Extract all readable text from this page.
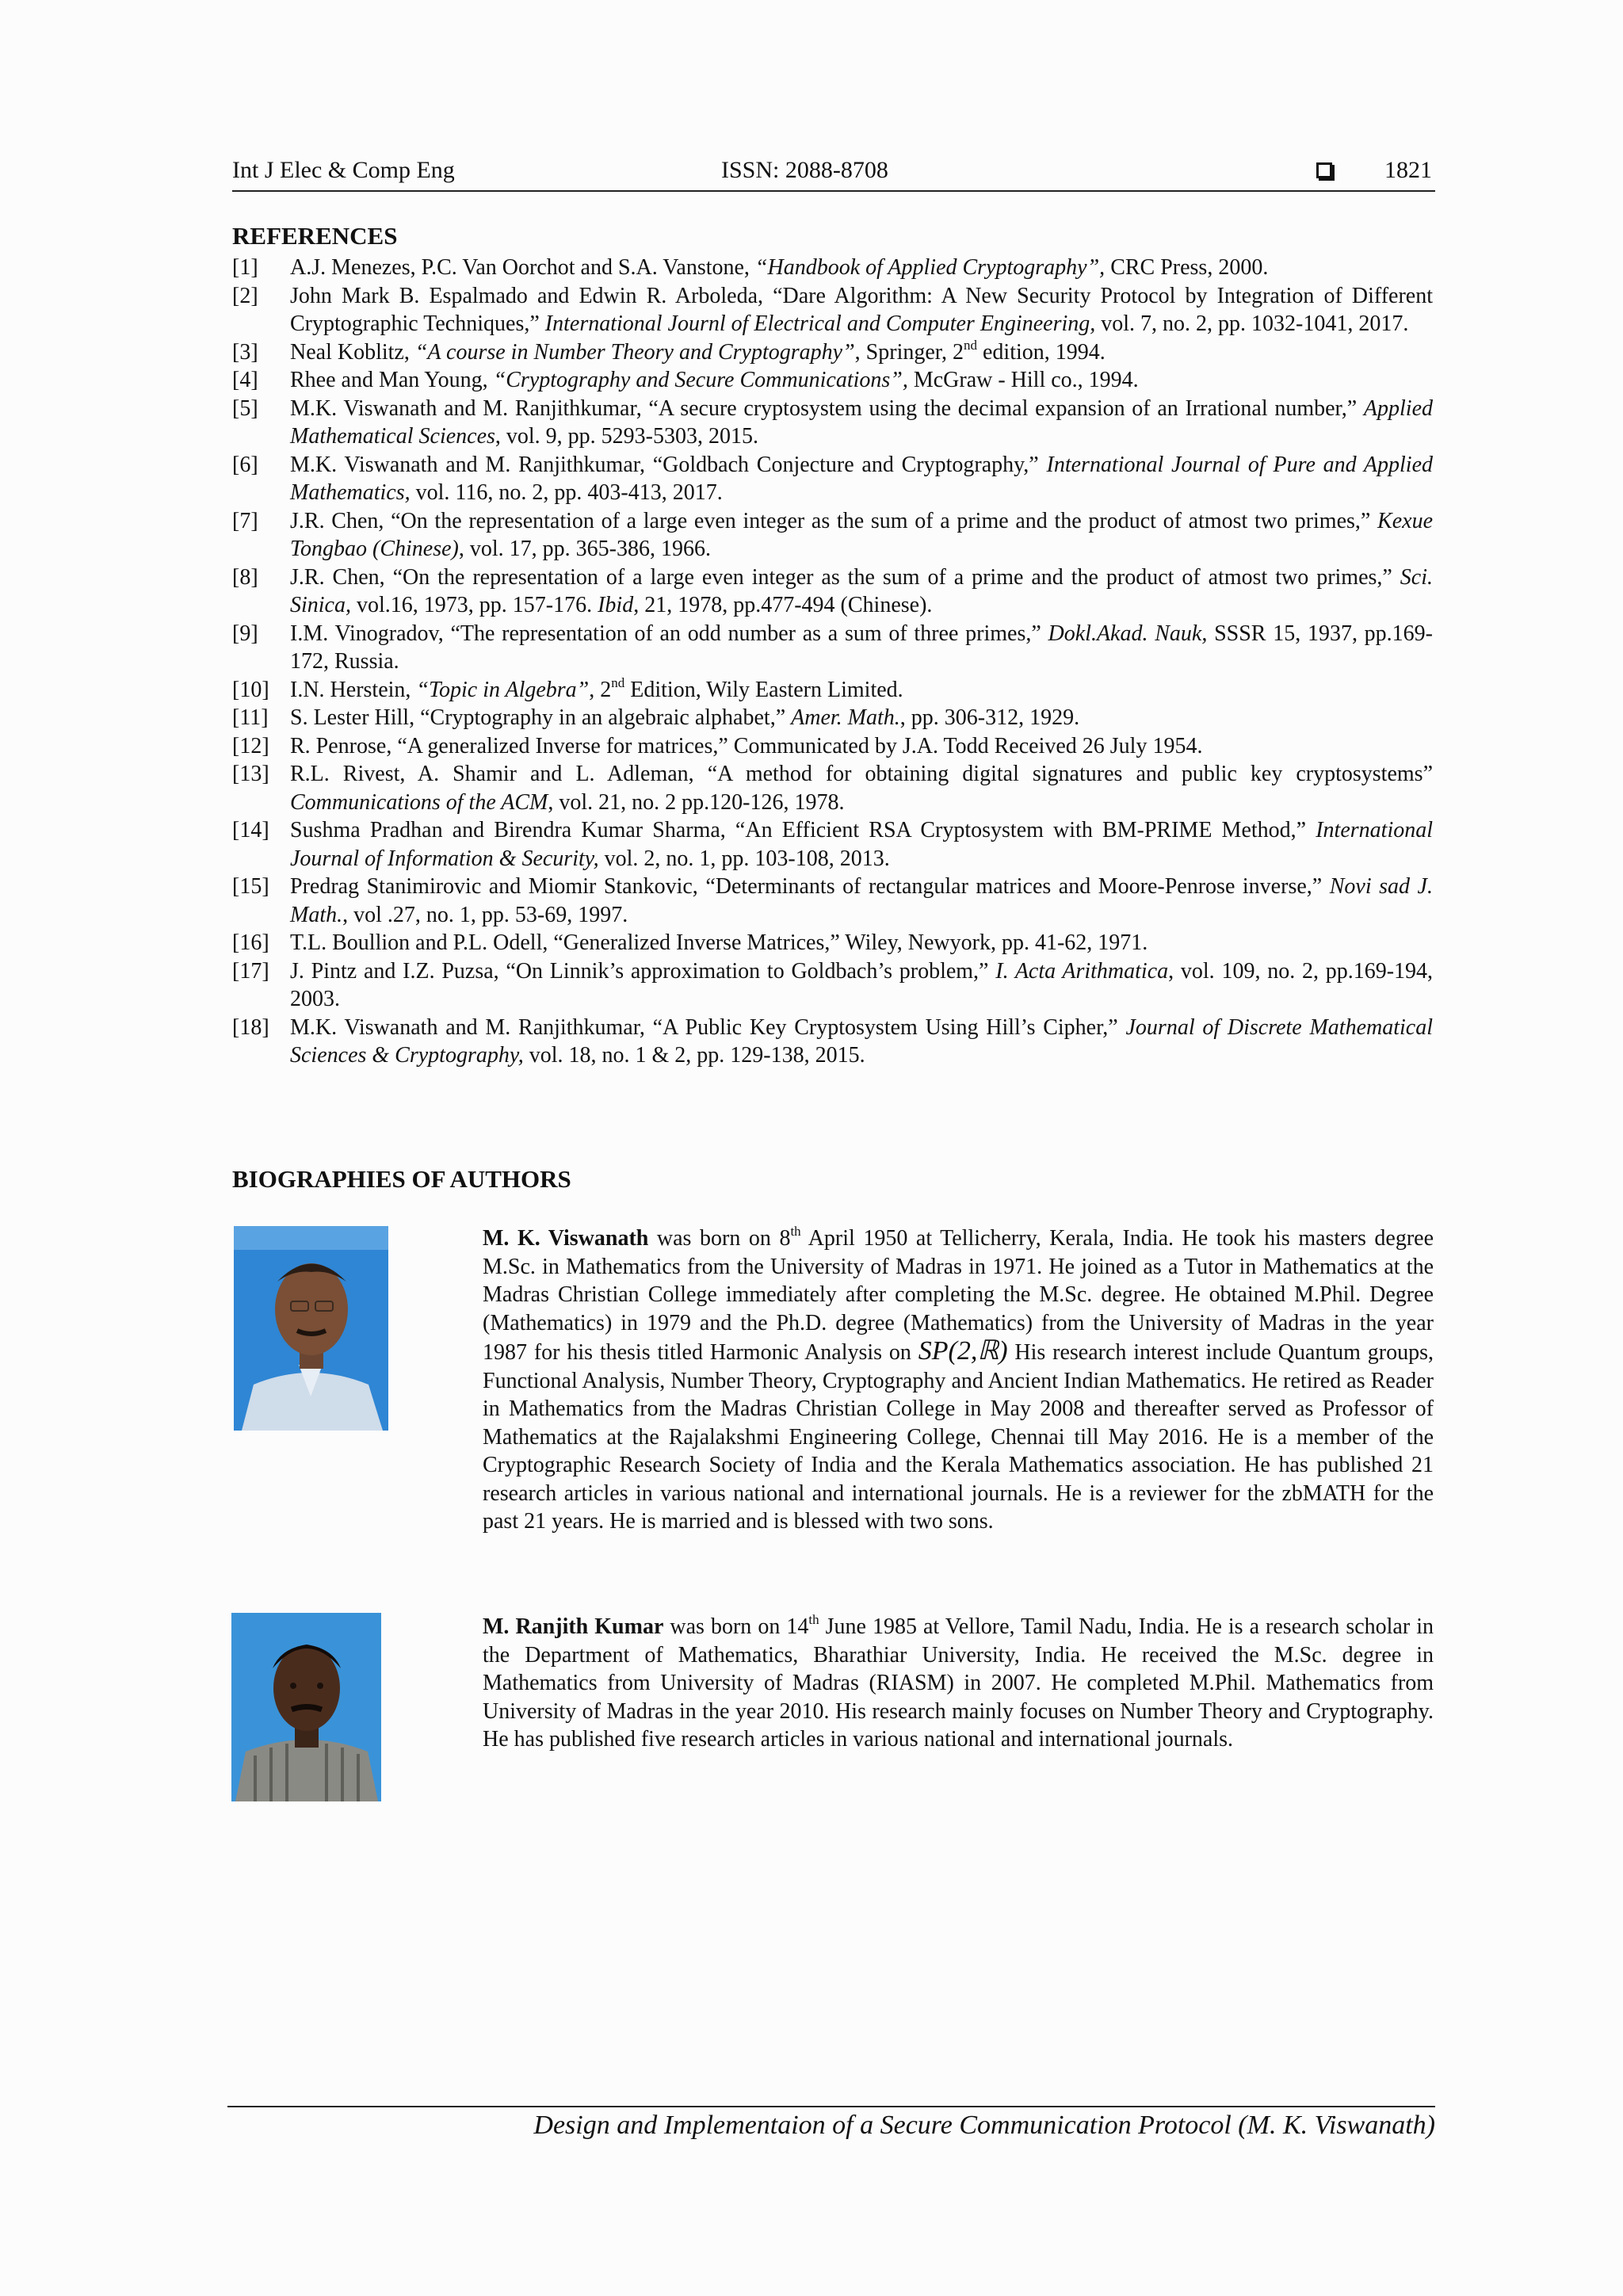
Int J Elec & Comp Eng	ISSN: 2088-8708	1821
REFERENCES
[1]	A.J. Menezes, P.C. Van Oorchot and S.A. Vanstone, “Handbook of Applied Cryptography”, CRC Press, 2000.
[2]	John Mark B. Espalmado and Edwin R. Arboleda, “Dare Algorithm: A New Security Protocol by Integration of Different Cryptographic Techniques,” International Journl of Electrical and Computer Engineering, vol. 7, no. 2, pp. 1032-1041, 2017.
[3]	Neal Koblitz, “A course in Number Theory and Cryptography”, Springer, 2nd edition, 1994.
[4]	Rhee and Man Young, “Cryptography and Secure Communications”, McGraw - Hill co., 1994.
[5]	M.K. Viswanath and M. Ranjithkumar, “A secure cryptosystem using the decimal expansion of an Irrational number,” Applied Mathematical Sciences, vol. 9, pp. 5293-5303, 2015.
[6]	M.K. Viswanath and M. Ranjithkumar, “Goldbach Conjecture and Cryptography,” International Journal of Pure and Applied Mathematics, vol. 116, no. 2, pp. 403-413, 2017.
[7]	J.R. Chen, “On the representation of a large even integer as the sum of a prime and the product of atmost two primes,” Kexue Tongbao (Chinese), vol. 17, pp. 365-386, 1966.
[8]	J.R. Chen, “On the representation of a large even integer as the sum of a prime and the product of atmost two primes,” Sci. Sinica, vol.16, 1973, pp. 157-176. Ibid, 21, 1978, pp.477-494 (Chinese).
[9]	I.M. Vinogradov, “The representation of an odd number as a sum of three primes,” Dokl.Akad. Nauk, SSSR 15, 1937, pp.169-172, Russia.
[10] I.N. Herstein, “Topic in Algebra”, 2nd Edition, Wily Eastern Limited.
[11] S. Lester Hill, “Cryptography in an algebraic alphabet,” Amer. Math., pp. 306-312, 1929.
[12] R. Penrose, “A generalized Inverse for matrices,” Communicated by J.A. Todd Received 26 July 1954.
[13] R.L. Rivest, A. Shamir and L. Adleman, “A method for obtaining digital signatures and public key cryptosystems” Communications of the ACM, vol. 21, no. 2 pp.120-126, 1978.
[14] Sushma Pradhan and Birendra Kumar Sharma, “An Efficient RSA Cryptosystem with BM-PRIME Method,” International Journal of Information & Security, vol. 2, no. 1, pp. 103-108, 2013.
[15] Predrag Stanimirovic and Miomir Stankovic, “Determinants of rectangular matrices and Moore-Penrose inverse,” Novi sad J. Math., vol .27, no. 1, pp. 53-69, 1997.
[16] T.L. Boullion and P.L. Odell, “Generalized Inverse Matrices,” Wiley, Newyork, pp. 41-62, 1971.
[17] J. Pintz and I.Z. Puzsa, “On Linnik’s approximation to Goldbach’s problem,” I. Acta Arithmatica, vol. 109, no. 2, pp.169-194, 2003.
[18] M.K. Viswanath and M. Ranjithkumar, “A Public Key Cryptosystem Using Hill’s Cipher,” Journal of Discrete Mathematical Sciences & Cryptography, vol. 18, no. 1 & 2, pp. 129-138, 2015.
BIOGRAPHIES OF AUTHORS
M. K. Viswanath was born on 8th April 1950 at Tellicherry, Kerala, India. He took his masters degree M.Sc. in Mathematics from the University of Madras in 1971. He joined as a Tutor in Mathematics at the Madras Christian College immediately after completing the M.Sc. degree. He obtained M.Phil. Degree (Mathematics) in 1979 and the Ph.D. degree (Mathematics) from the University of Madras in the year 1987 for his thesis titled Harmonic Analysis on SP(2,ℝ) His research interest include Quantum groups, Functional Analysis, Number Theory, Cryptography and Ancient Indian Mathematics. He retired as Reader in Mathematics from the Madras Christian College in May 2008 and thereafter served as Professor of Mathematics at the Rajalakshmi Engineering College, Chennai till May 2016. He is a member of the Cryptographic Research Society of India and the Kerala Mathematics association. He has published 21 research articles in various national and international journals. He is a reviewer for the zbMATH for the past 21 years. He is married and is blessed with two sons.
M. Ranjith Kumar was born on 14th June 1985 at Vellore, Tamil Nadu, India. He is a research scholar in the Department of Mathematics, Bharathiar University, India. He received the M.Sc. degree in Mathematics from University of Madras (RIASM) in 2007. He completed M.Phil. Mathematics from University of Madras in the year 2010. His research mainly focuses on Number Theory and Cryptography. He has published five research articles in various national and international journals.
Design and Implementaion of a Secure Communication Protocol (M. K. Viswanath)
